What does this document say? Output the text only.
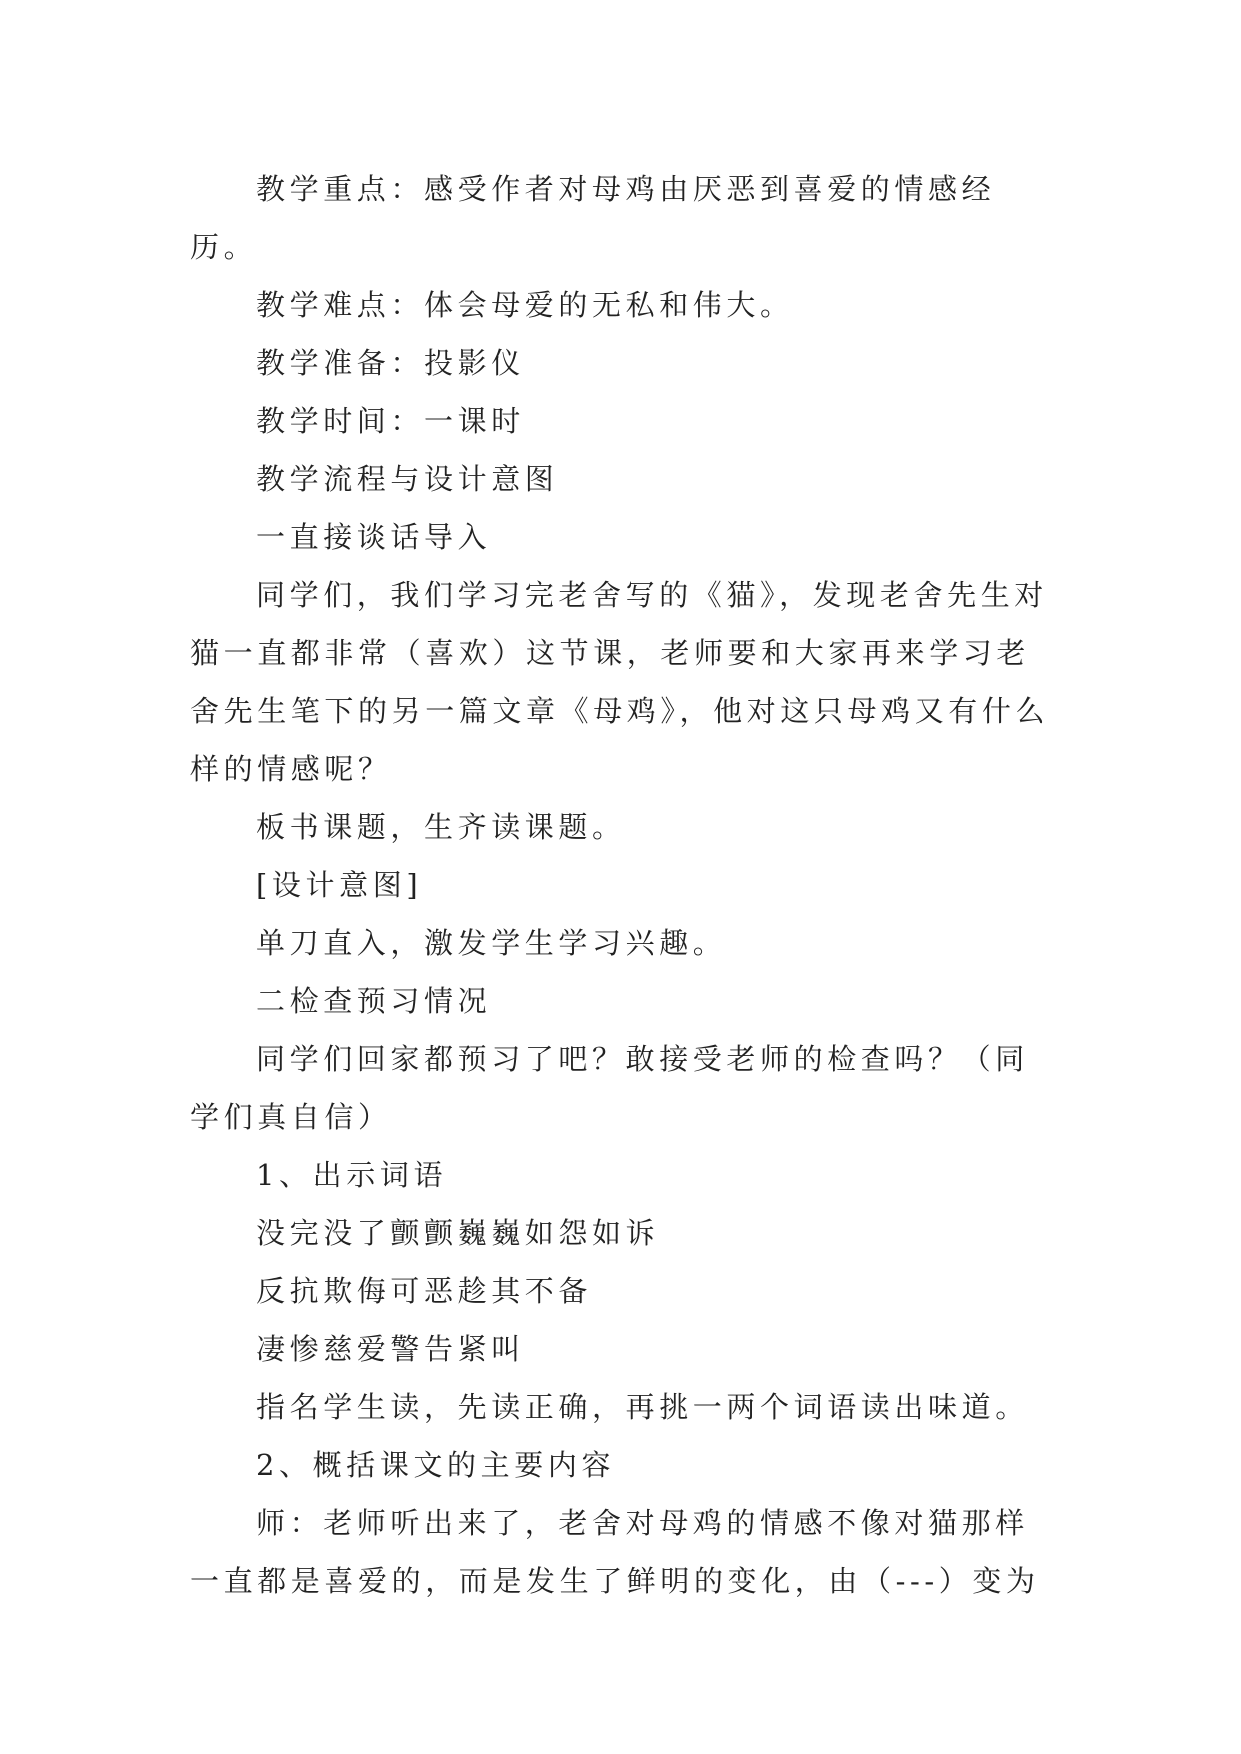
教学重点：感受作者对母鸡由厌恶到喜爱的情感经历。

教学难点：体会母爱的无私和伟大。

教学准备：投影仪

教学时间：一课时

教学流程与设计意图

一直接谈话导入

同学们，我们学习完老舍写的《猫》，发现老舍先生对猫一直都非常（喜欢）这节课，老师要和大家再来学习老舍先生笔下的另一篇文章《母鸡》，他对这只母鸡又有什么样的情感呢？

板书课题，生齐读课题。

[设计意图]

单刀直入，激发学生学习兴趣。

二检查预习情况

同学们回家都预习了吧？敢接受老师的检查吗？（同学们真自信）

1、出示词语

没完没了颤颤巍巍如怨如诉

反抗欺侮可恶趁其不备

凄惨慈爱警告紧叫

指名学生读，先读正确，再挑一两个词语读出味道。

2、概括课文的主要内容

师：老师听出来了，老舍对母鸡的情感不像对猫那样一直都是喜爱的，而是发生了鲜明的变化，由（---）变为
